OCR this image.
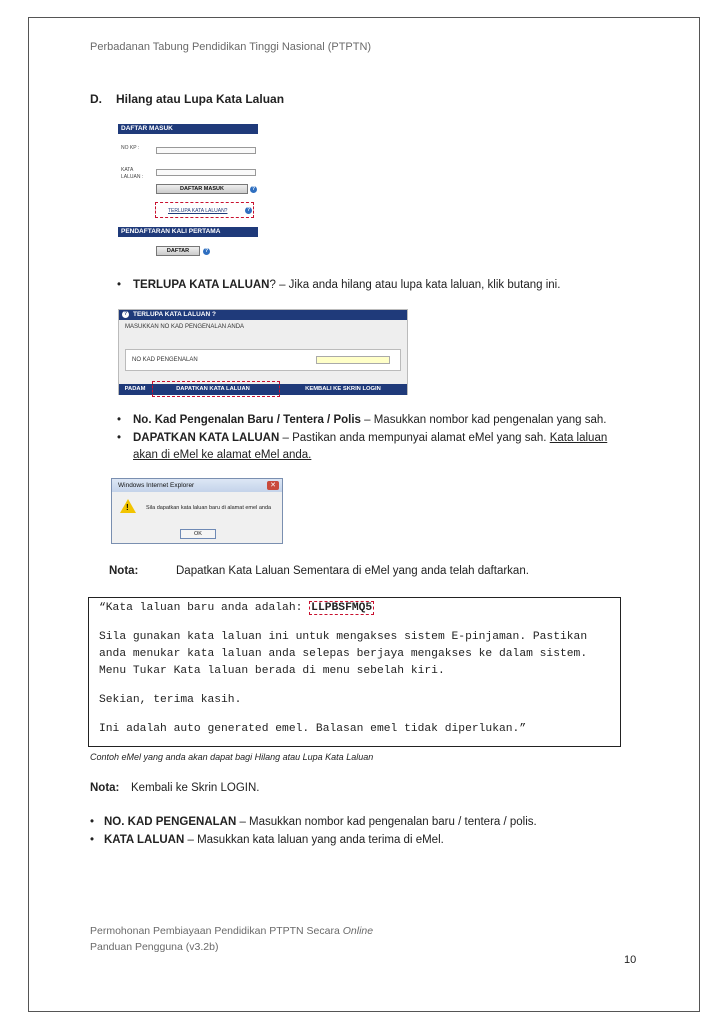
Perbadanan Tabung Pendidikan Tinggi Nasional (PTPTN)
D. Hilang atau Lupa Kata Laluan
DAFTAR MASUK
NO KP :
KATA
LALUAN :
DAFTAR MASUK	?
TERLUPA KATA LALUAN?	?
PENDAFTARAN KALI PERTAMA
DAFTAR	?
• TERLUPA KATA LALUAN? – Jika anda hilang atau lupa kata laluan, klik butang ini.
TERLUPA KATA LALUAN ?
?
MASUKKAN NO KAD PENGENALAN ANDA
NO KAD PENGENALAN
PADAM	DAPATKAN KATA LALUAN	KEMBALI KE SKRIN LOGIN
• No. Kad Pengenalan Baru / Tentera / Polis – Masukkan nombor kad pengenalan yang sah.
• DAPATKAN KATA LALUAN – Pastikan anda mempunyai alamat eMel yang sah. Kata laluan
akan di eMel ke alamat eMel anda.
Windows Internet Explorer	✕
!	Sila dapatkan kata laluan baru di alamat emel anda
OK
Nota:	Dapatkan Kata Laluan Sementara di eMel yang anda telah daftarkan.
“Kata laluan baru anda adalah: LLPBSFMQ5
Sila gunakan kata laluan ini untuk mengakses sistem E-pinjaman. Pastikan
anda menukar kata laluan anda selepas berjaya mengakses ke dalam sistem.
Menu Tukar Kata laluan berada di menu sebelah kiri.
Sekian, terima kasih.
Ini adalah auto generated emel. Balasan emel tidak diperlukan.”
Contoh eMel yang anda akan dapat bagi Hilang atau Lupa Kata Laluan
Nota: Kembali ke Skrin LOGIN.
• NO. KAD PENGENALAN – Masukkan nombor kad pengenalan baru / tentera / polis.
• KATA LALUAN – Masukkan kata laluan yang anda terima di eMel.
Permohonan Pembiayaan Pendidikan PTPTN Secara Online
Panduan Pengguna (v3.2b)
10
